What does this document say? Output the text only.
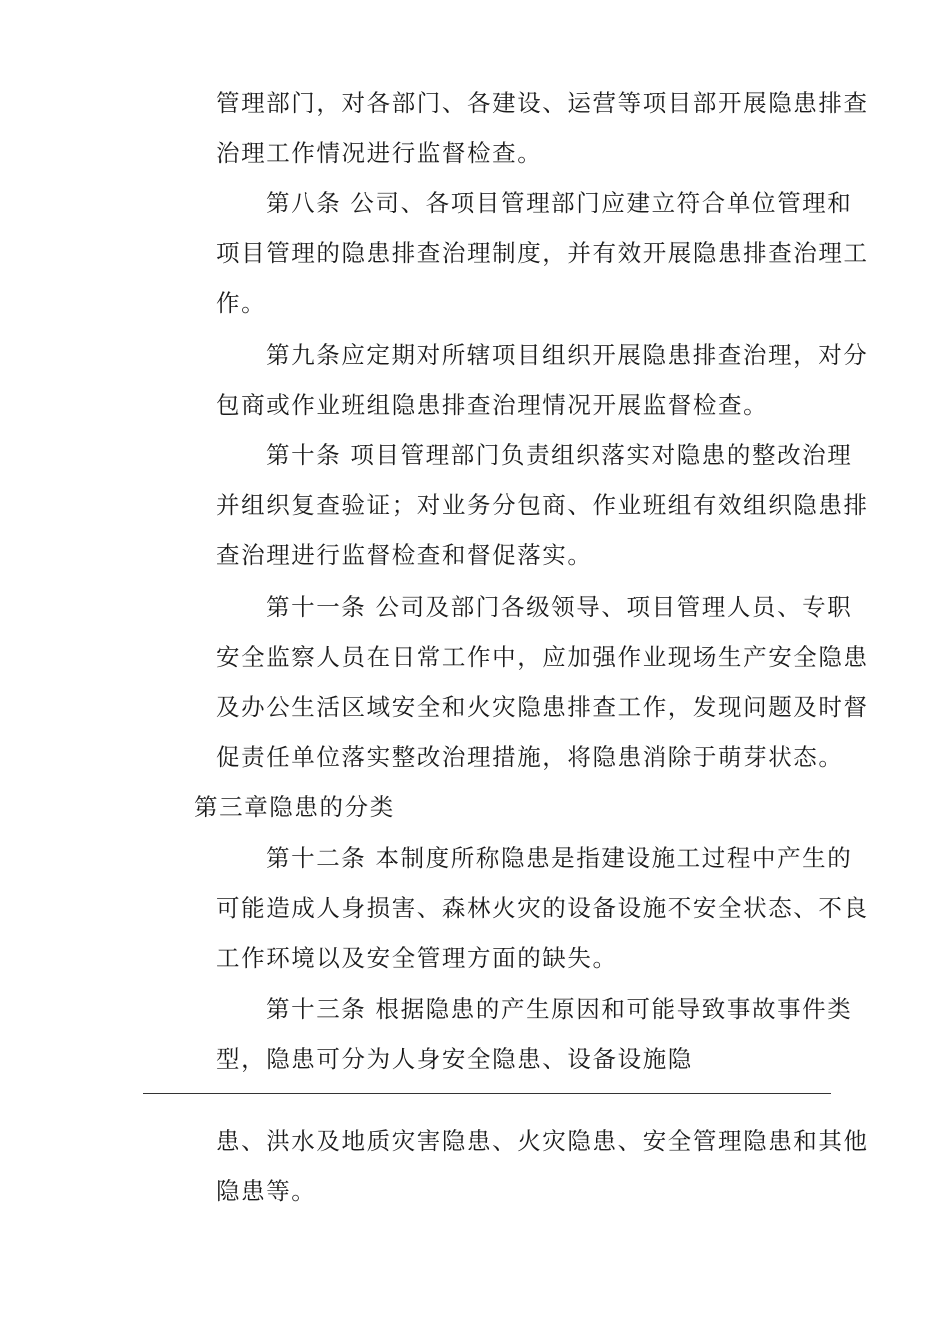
管理部门，对各部门、各建设、运营等项目部开展隐患排查
治理工作情况进行监督检查。
第八条 公司、各项目管理部门应建立符合单位管理和
项目管理的隐患排查治理制度，并有效开展隐患排查治理工
作。
第九条应定期对所辖项目组织开展隐患排查治理，对分
包商或作业班组隐患排查治理情况开展监督检查。
第十条 项目管理部门负责组织落实对隐患的整改治理
并组织复查验证；对业务分包商、作业班组有效组织隐患排
查治理进行监督检查和督促落实。
第十一条 公司及部门各级领导、项目管理人员、专职
安全监察人员在日常工作中，应加强作业现场生产安全隐患
及办公生活区域安全和火灾隐患排查工作，发现问题及时督
促责任单位落实整改治理措施，将隐患消除于萌芽状态。
第三章隐患的分类
第十二条 本制度所称隐患是指建设施工过程中产生的
可能造成人身损害、森林火灾的设备设施不安全状态、不良
工作环境以及安全管理方面的缺失。
第十三条 根据隐患的产生原因和可能导致事故事件类
型，隐患可分为人身安全隐患、设备设施隐
患、洪水及地质灾害隐患、火灾隐患、安全管理隐患和其他
隐患等。
